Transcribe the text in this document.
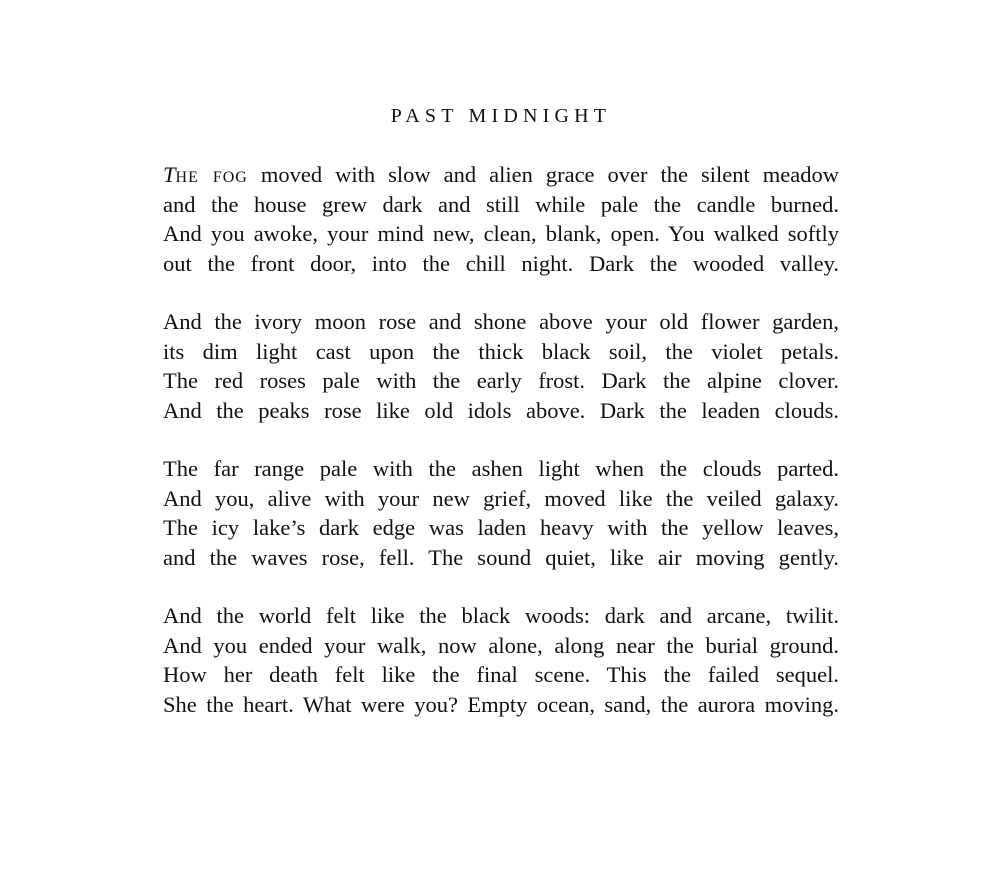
PAST MIDNIGHT
The fog moved with slow and alien grace over the silent meadow
and the house grew dark and still while pale the candle burned.
And you awoke, your mind new, clean, blank, open. You walked softly
out the front door, into the chill night. Dark the wooded valley.
And the ivory moon rose and shone above your old flower garden,
its dim light cast upon the thick black soil, the violet petals.
The red roses pale with the early frost. Dark the alpine clover.
And the peaks rose like old idols above. Dark the leaden clouds.
The far range pale with the ashen light when the clouds parted.
And you, alive with your new grief, moved like the veiled galaxy.
The icy lake’s dark edge was laden heavy with the yellow leaves,
and the waves rose, fell. The sound quiet, like air moving gently.
And the world felt like the black woods: dark and arcane, twilit.
And you ended your walk, now alone, along near the burial ground.
How her death felt like the final scene. This the failed sequel.
She the heart. What were you? Empty ocean, sand, the aurora moving.
